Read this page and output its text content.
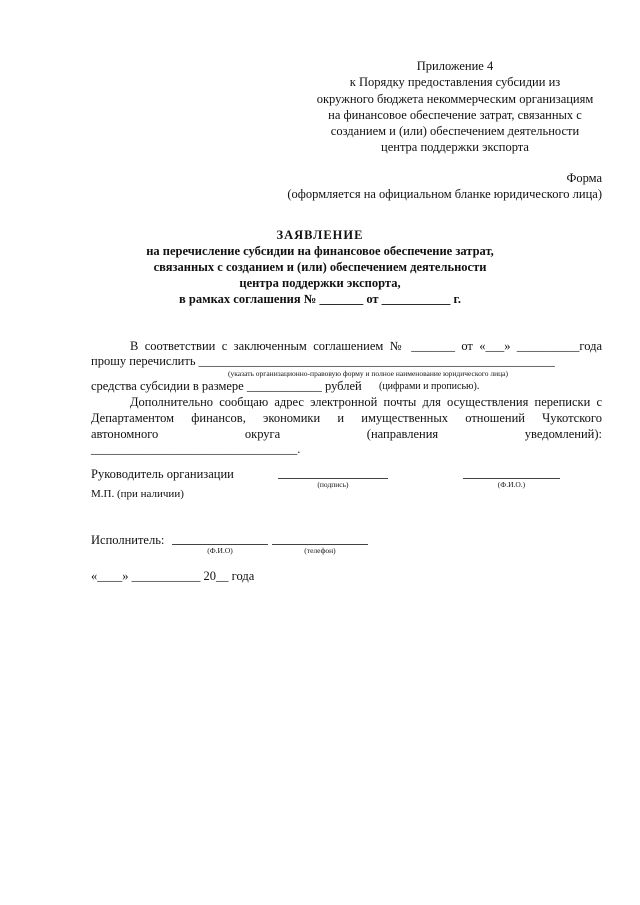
Приложение 4
к Порядку предоставления субсидии из
окружного бюджета некоммерческим организациям
на финансовое обеспечение затрат, связанных с
созданием и (или) обеспечением деятельности
центра поддержки экспорта
Форма
(оформляется на официальном бланке юридического лица)
ЗАЯВЛЕНИЕ
на перечисление субсидии на финансовое обеспечение затрат,
связанных с созданием и (или) обеспечением деятельности
центра поддержки экспорта,
в рамках соглашения № _______ от ___________ г.
В соответствии с заключенным соглашением № _______ от «___» __________года
прошу перечислить _________________________________________________________
(указать организационно-правовую форму и полное наименование юридического лица)
средства субсидии в размере ____________ рублей (цифрами и прописью).
Дополнительно сообщаю адрес электронной почты для осуществления переписки с
Департаментом финансов, экономики и имущественных отношений Чукотского
автономного округа (направления уведомлений):
_________________________________.
Руководитель организации
(подпись)	(Ф.И.О.)
М.П. (при наличии)
Исполнитель:
(Ф.И.О)	(телефон)
«____» ___________ 20__ года
